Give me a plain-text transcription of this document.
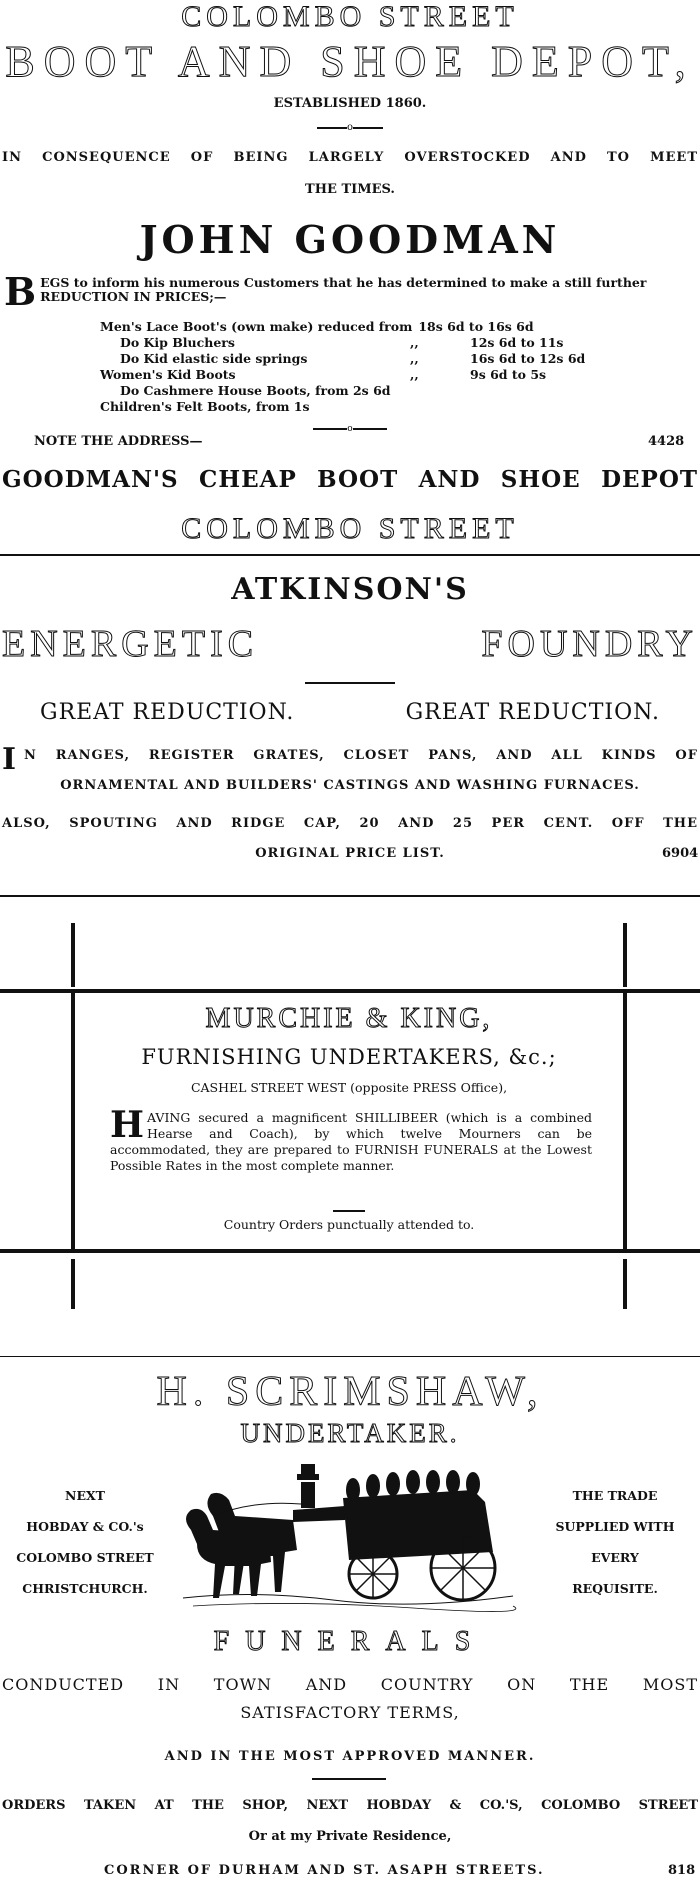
COLOMBO STREET
BOOT AND SHOE DEPOT,
ESTABLISHED 1860.
o
IN CONSEQUENCE OF BEING LARGELY OVERSTOCKED AND TO MEET
THE TIMES.
JOHN GOODMAN
B EGS to inform his numerous Customers that he has determined to make a still further
REDUCTION IN PRICES;—
Men's Lace Boot's (own make) reduced from 18s 6d to 16s 6d
Do Kip Bluchers	,,	12s 6d to 11s
Do Kid elastic side springs	,,	16s 6d to 12s 6d
Women's Kid Boots	,,	9s 6d to 5s
Do Cashmere House Boots, from 2s 6d
Children's Felt Boots, from 1s
o
NOTE THE ADDRESS—	4428
GOODMAN'S CHEAP BOOT AND SHOE DEPOT
COLOMBO STREET
ATKINSON'S
ENERGETIC	FOUNDRY
GREAT REDUCTION.	GREAT REDUCTION.
I N RANGES, REGISTER GRATES, CLOSET PANS, AND ALL KINDS OF
ORNAMENTAL AND BUILDERS' CASTINGS AND WASHING FURNACES.
ALSO, SPOUTING AND RIDGE CAP, 20 AND 25 PER CENT. OFF THE
ORIGINAL PRICE LIST.	6904
MURCHIE & KING,
FURNISHING UNDERTAKERS, &c.;
CASHEL STREET WEST (opposite PRESS Office),
HAVING secured a magnificent SHILLIBEER (which is a combined Hearse and Coach), by which twelve Mourners can be accommodated, they are prepared to FURNISH FUNERALS at the Lowest Possible Rates in the most complete manner.
Country Orders punctually attended to.
H. SCRIMSHAW,
UNDERTAKER.
NEXT
HOBDAY & CO.'s
COLOMBO STREET
CHRISTCHURCH.
THE TRADE
SUPPLIED WITH
EVERY
REQUISITE.
FUNERALS
CONDUCTED IN TOWN AND COUNTRY ON THE MOST
SATISFACTORY TERMS,
AND IN THE MOST APPROVED MANNER.
ORDERS TAKEN AT THE SHOP, NEXT HOBDAY & CO.'S, COLOMBO STREET
Or at my Private Residence,
CORNER OF DURHAM AND ST. ASAPH STREETS.	818
